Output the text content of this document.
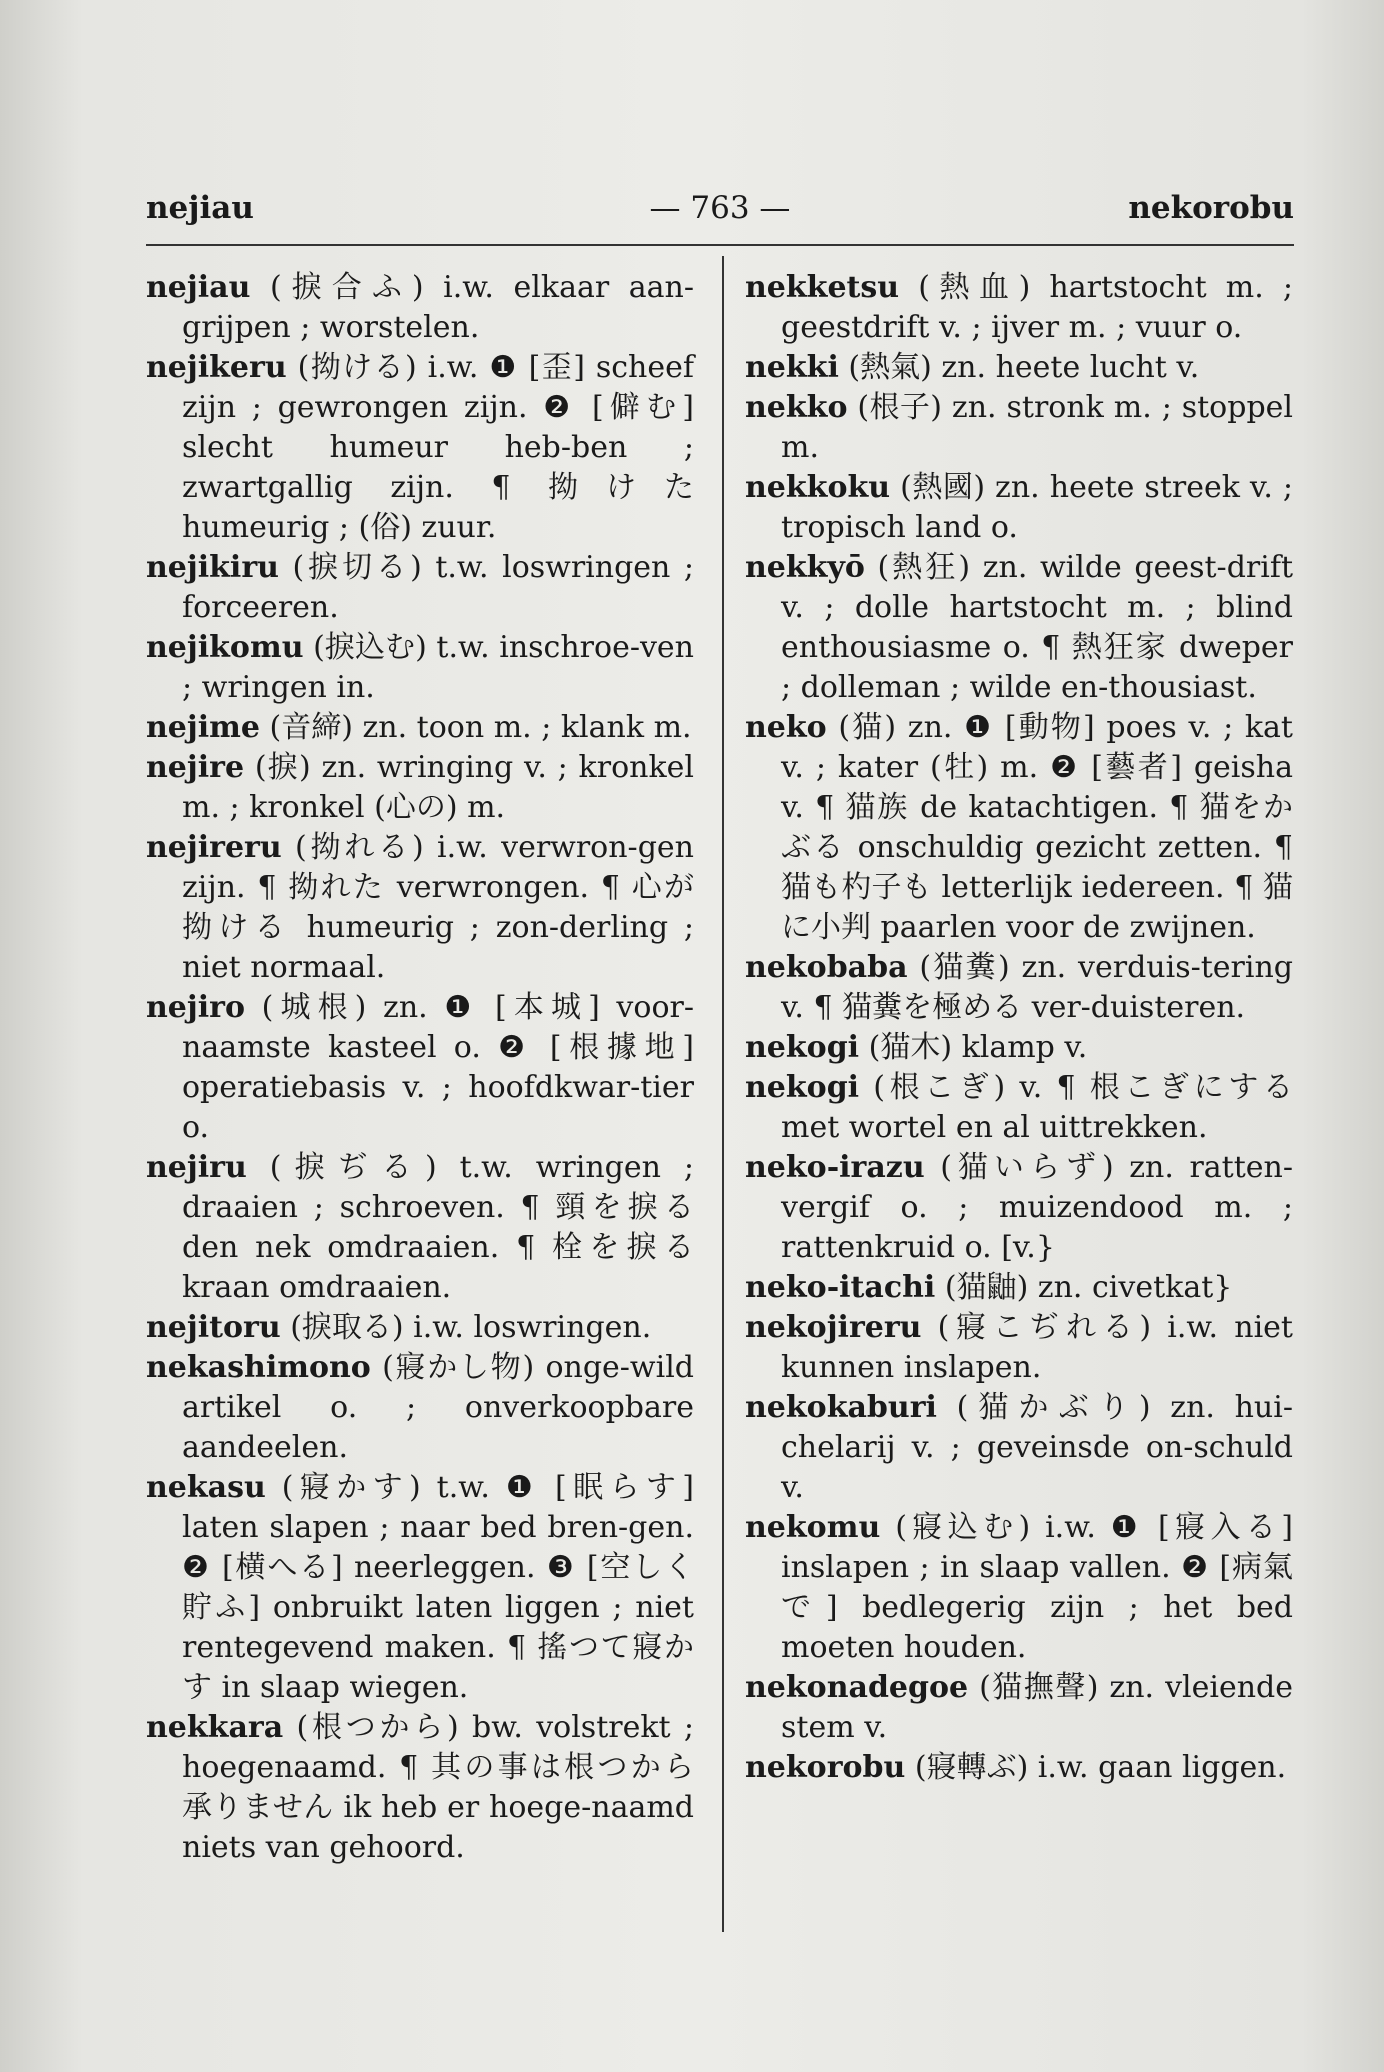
nejiau	— 763 —	nekorobu
nejiau (捩合ふ) i.w. elkaar aan-grijpen ; worstelen.
nejikeru (拗ける) i.w. ❶ [歪] scheef zijn ; gewrongen zijn. ❷ [僻む] slecht humeur heb-ben ; zwartgallig zijn. ¶ 拗けた humeurig ; (俗) zuur.
nejikiru (捩切る) t.w. loswringen ; forceeren.
nejikomu (捩込む) t.w. inschroe-ven ; wringen in.
nejime (音締) zn. toon m. ; klank m.
nejire (捩) zn. wringing v. ; kronkel m. ; kronkel (心の) m.
nejireru (拗れる) i.w. verwron-gen zijn. ¶ 拗れた verwrongen. ¶ 心が拗ける humeurig ; zon-derling ; niet normaal.
nejiro (城根) zn. ❶ [本城] voor-naamste kasteel o. ❷ [根據地] operatiebasis v. ; hoofdkwar-tier o.
nejiru (捩ぢる) t.w. wringen ; draaien ; schroeven. ¶ 頸を捩る den nek omdraaien. ¶ 栓を捩る kraan omdraaien.
nejitoru (捩取る) i.w. loswringen.
nekashimono (寢かし物) onge-wild artikel o. ; onverkoopbare aandeelen.
nekasu (寢かす) t.w. ❶ [眠らす] laten slapen ; naar bed bren-gen. ❷ [横へる] neerleggen. ❸ [空しく貯ふ] onbruikt laten liggen ; niet rentegevend maken. ¶ 搖つて寢かす in slaap wiegen.
nekkara (根つから) bw. volstrekt ; hoegenaamd. ¶ 其の事は根つから承りません ik heb er hoege-naamd niets van gehoord.
nekketsu (熱血) hartstocht m. ; geestdrift v. ; ijver m. ; vuur o.
nekki (熱氣) zn. heete lucht v.
nekko (根子) zn. stronk m. ; stoppel m.
nekkoku (熱國) zn. heete streek v. ; tropisch land o.
nekkyō (熱狂) zn. wilde geest-drift v. ; dolle hartstocht m. ; blind enthousiasme o. ¶ 熱狂家 dweper ; dolleman ; wilde en-thousiast.
neko (猫) zn. ❶ [動物] poes v. ; kat v. ; kater (牡) m. ❷ [藝者] geisha v. ¶ 猫族 de katachtigen. ¶ 猫をかぶる onschuldig gezicht zetten. ¶ 猫も杓子も letterlijk iedereen. ¶ 猫に小判 paarlen voor de zwijnen.
nekobaba (猫糞) zn. verduis-tering v. ¶ 猫糞を極める ver-duisteren.
nekogi (猫木) klamp v.
nekogi (根こぎ) v. ¶ 根こぎにする met wortel en al uittrekken.
neko-irazu (猫いらず) zn. ratten-vergif o. ; muizendood m. ; rattenkruid o. [v.}
neko-itachi (猫鼬) zn. civetkat}
nekojireru (寢こぢれる) i.w. niet kunnen inslapen.
nekokaburi (猫かぶり) zn. hui-chelarij v. ; geveinsde on-schuld v.
nekomu (寢込む) i.w. ❶ [寢入る] inslapen ; in slaap vallen. ❷ [病氣で] bedlegerig zijn ; het bed moeten houden.
nekonadegoe (猫撫聲) zn. vleiende stem v.
nekorobu (寢轉ぶ) i.w. gaan liggen.
